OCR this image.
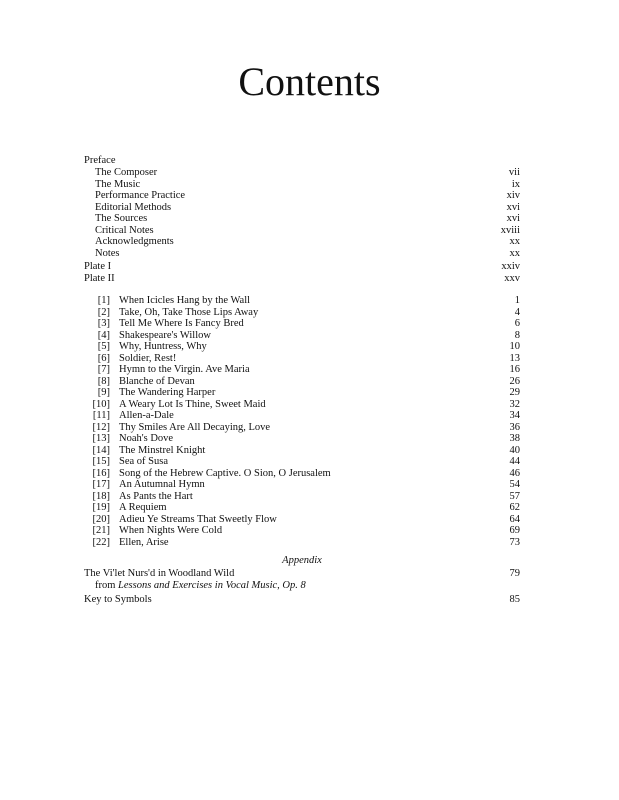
Contents
Preface
The Composer	vii
The Music	ix
Performance Practice	xiv
Editorial Methods	xvi
The Sources	xvi
Critical Notes	xviii
Acknowledgments	xx
Notes	xx
Plate I	xxiv
Plate II	xxv
[1] When Icicles Hang by the Wall	1
[2] Take, Oh, Take Those Lips Away	4
[3] Tell Me Where Is Fancy Bred	6
[4] Shakespeare's Willow	8
[5] Why, Huntress, Why	10
[6] Soldier, Rest!	13
[7] Hymn to the Virgin. Ave Maria	16
[8] Blanche of Devan	26
[9] The Wandering Harper	29
[10] A Weary Lot Is Thine, Sweet Maid	32
[11] Allen-a-Dale	34
[12] Thy Smiles Are All Decaying, Love	36
[13] Noah's Dove	38
[14] The Minstrel Knight	40
[15] Sea of Susa	44
[16] Song of the Hebrew Captive. O Sion, O Jerusalem	46
[17] An Autumnal Hymn	54
[18] As Pants the Hart	57
[19] A Requiem	62
[20] Adieu Ye Streams That Sweetly Flow	64
[21] When Nights Were Cold	69
[22] Ellen, Arise	73
Appendix
The Vi'let Nurs'd in Woodland Wild	79
from Lessons and Exercises in Vocal Music, Op. 8
Key to Symbols	85
